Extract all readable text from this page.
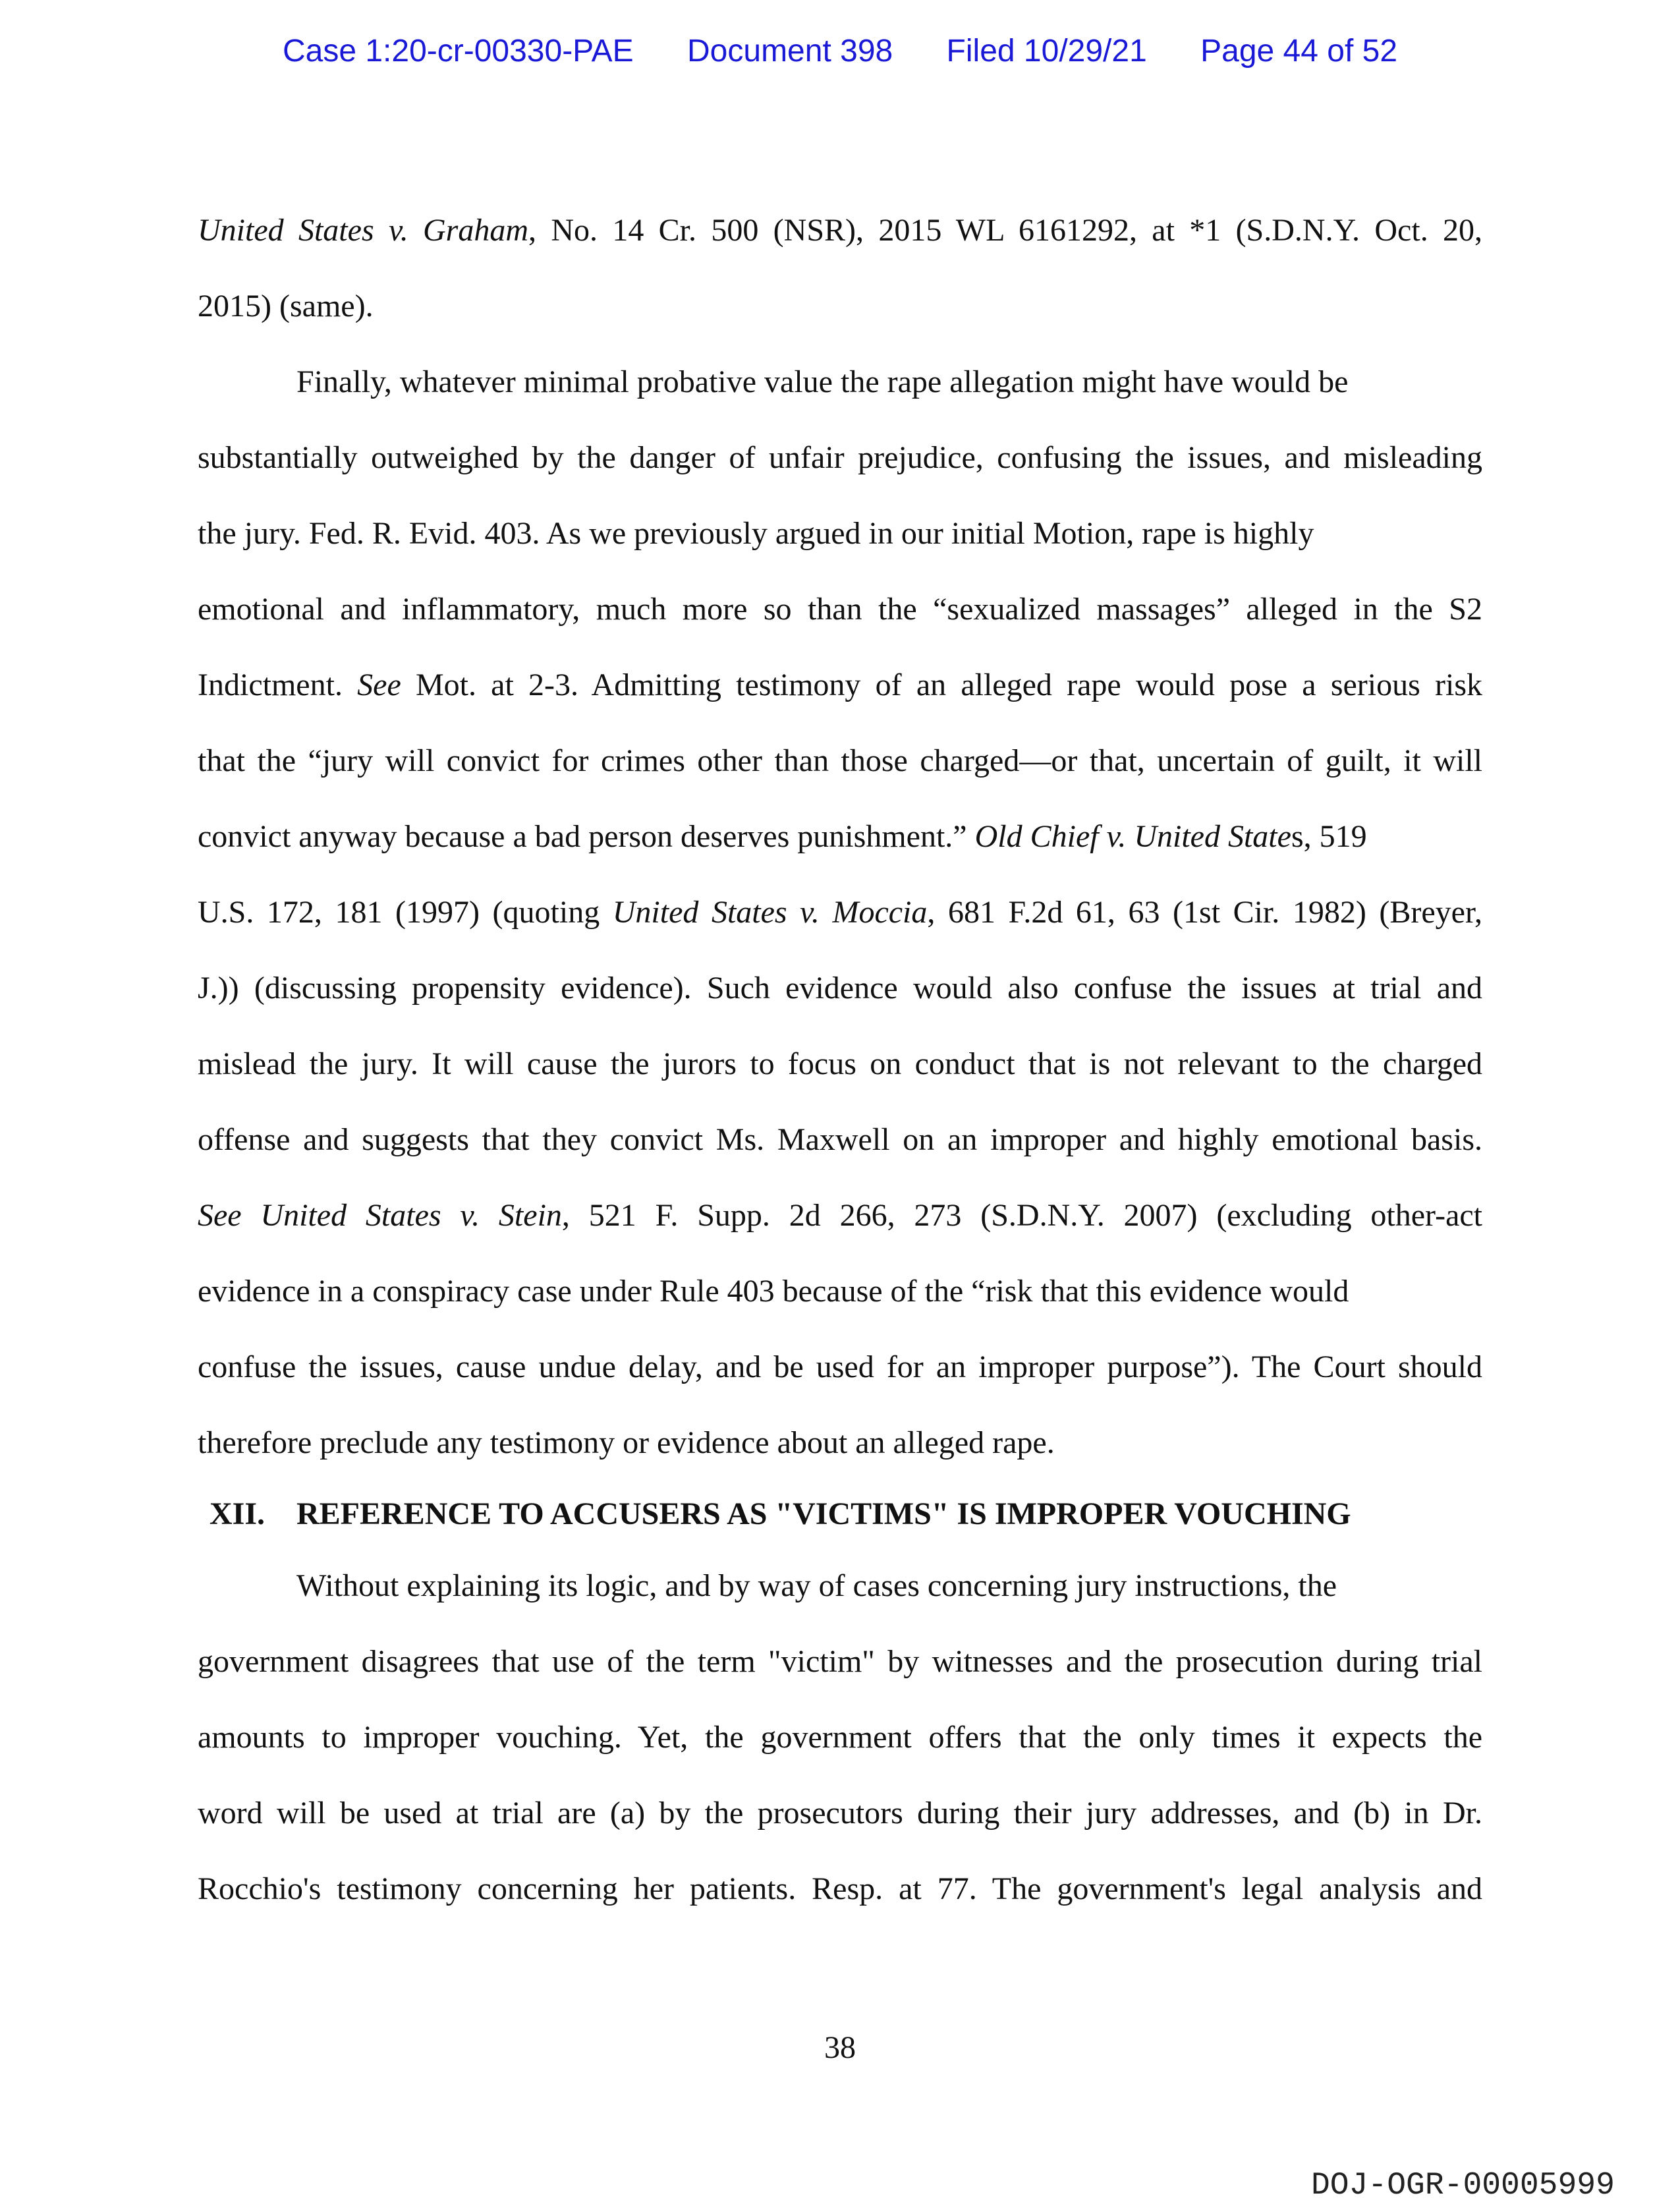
Case 1:20-cr-00330-PAE Document 398 Filed 10/29/21 Page 44 of 52
United States v. Graham, No. 14 Cr. 500 (NSR), 2015 WL 6161292, at *1 (S.D.N.Y. Oct. 20,
2015) (same).
Finally, whatever minimal probative value the rape allegation might have would be
substantially outweighed by the danger of unfair prejudice, confusing the issues, and misleading
the jury. Fed. R. Evid. 403. As we previously argued in our initial Motion, rape is highly
emotional and inflammatory, much more so than the “sexualized massages” alleged in the S2
Indictment. See Mot. at 2-3. Admitting testimony of an alleged rape would pose a serious risk
that the “jury will convict for crimes other than those charged—or that, uncertain of guilt, it will
convict anyway because a bad person deserves punishment.” Old Chief v. United States, 519
U.S. 172, 181 (1997) (quoting United States v. Moccia, 681 F.2d 61, 63 (1st Cir. 1982) (Breyer,
J.)) (discussing propensity evidence). Such evidence would also confuse the issues at trial and
mislead the jury. It will cause the jurors to focus on conduct that is not relevant to the charged
offense and suggests that they convict Ms. Maxwell on an improper and highly emotional basis.
See United States v. Stein, 521 F. Supp. 2d 266, 273 (S.D.N.Y. 2007) (excluding other-act
evidence in a conspiracy case under Rule 403 because of the “risk that this evidence would
confuse the issues, cause undue delay, and be used for an improper purpose”). The Court should
therefore preclude any testimony or evidence about an alleged rape.
XII. REFERENCE TO ACCUSERS AS "VICTIMS" IS IMPROPER VOUCHING
Without explaining its logic, and by way of cases concerning jury instructions, the
government disagrees that use of the term "victim" by witnesses and the prosecution during trial
amounts to improper vouching. Yet, the government offers that the only times it expects the
word will be used at trial are (a) by the prosecutors during their jury addresses, and (b) in Dr.
Rocchio's testimony concerning her patients. Resp. at 77. The government's legal analysis and
38
DOJ-OGR-00005999
